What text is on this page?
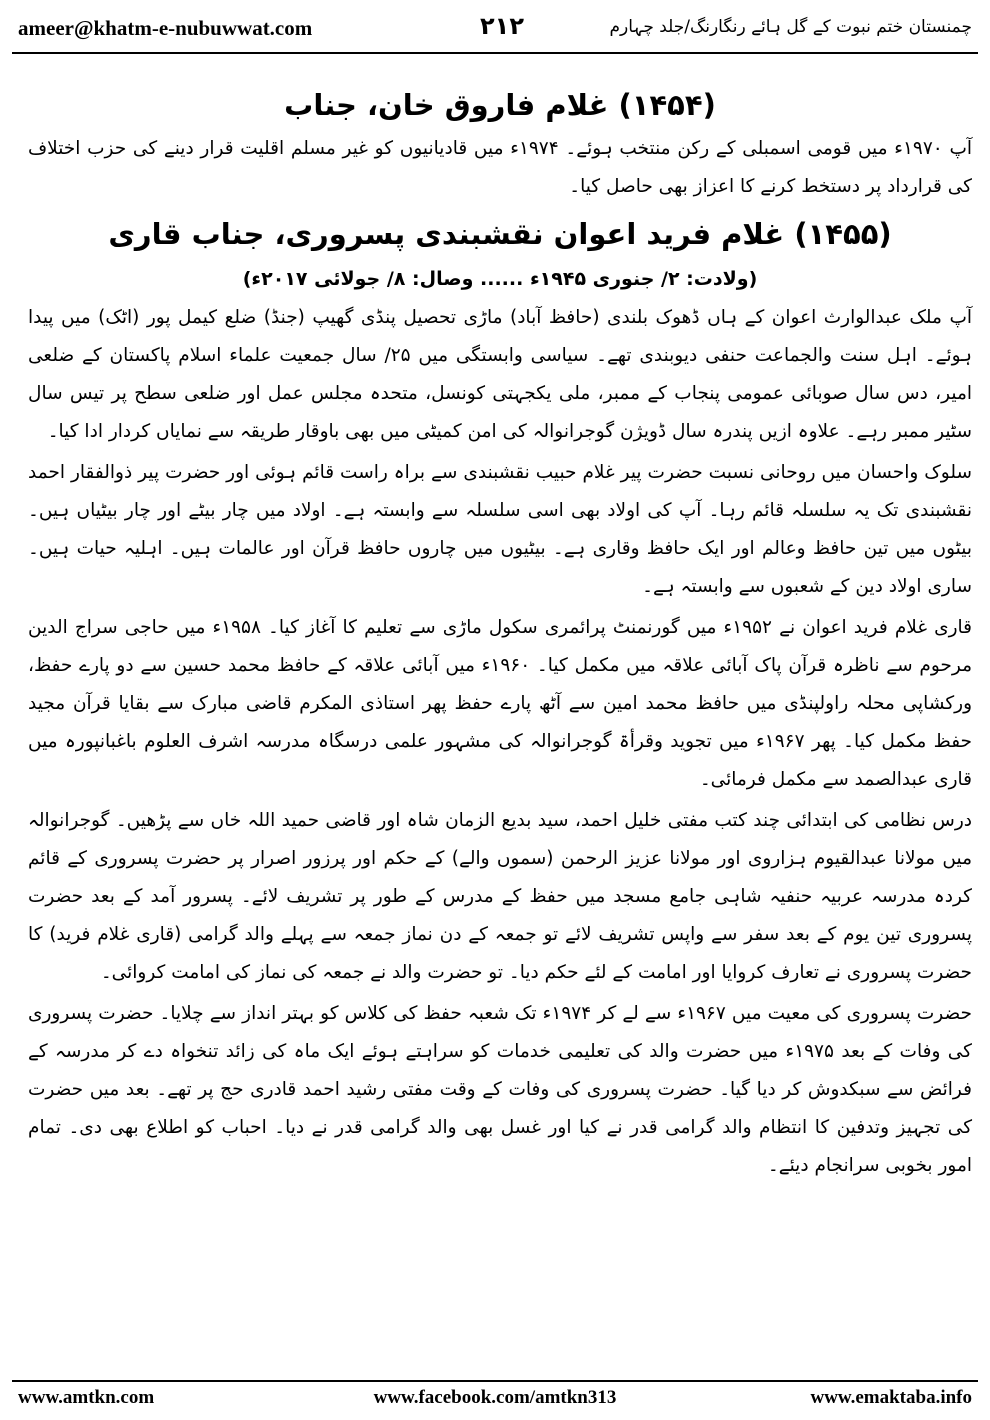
ameer@khatm-e-nubuwwat.com	۲۱۲	چمنستان ختم نبوت کے گل ہائے رنگارنگ/جلد چہارم
(۱۴۵۴) غلام فاروق خان، جناب

آپ ۱۹۷۰ء میں قومی اسمبلی کے رکن منتخب ہوئے۔ ۱۹۷۴ء میں قادیانیوں کو غیر مسلم اقلیت قرار دینے کی حزب اختلاف کی قرارداد پر دستخط کرنے کا اعزاز بھی حاصل کیا۔

(۱۴۵۵) غلام فرید اعوان نقشبندی پسروری، جناب قاری

(ولادت: ۲/ جنوری ۱۹۴۵ء ...... وصال: ۸/ جولائی ۲۰۱۷ء)

آپ ملک عبدالوارث اعوان کے ہاں ڈھوک بلندی (حافظ آباد) ماڑی تحصیل پنڈی گھیپ (جنڈ) ضلع کیمل پور (اٹک) میں پیدا ہوئے۔ اہل سنت والجماعت حنفی دیوبندی تھے۔ سیاسی وابستگی میں ۲۵/ سال جمعیت علماء اسلام پاکستان کے ضلعی امیر، دس سال صوبائی عمومی پنجاب کے ممبر، ملی یکجہتی کونسل، متحدہ مجلس عمل اور ضلعی سطح پر تیس سال سٹیر ممبر رہے۔ علاوہ ازیں پندرہ سال ڈویژن گوجرانوالہ کی امن کمیٹی میں بھی باوقار طریقہ سے نمایاں کردار ادا کیا۔

سلوک واحسان میں روحانی نسبت حضرت پیر غلام حبیب نقشبندی سے براہ راست قائم ہوئی اور حضرت پیر ذوالفقار احمد نقشبندی تک یہ سلسلہ قائم رہا۔ آپ کی اولاد بھی اسی سلسلہ سے وابستہ ہے۔ اولاد میں چار بیٹے اور چار بیٹیاں ہیں۔ بیٹوں میں تین حافظ وعالم اور ایک حافظ وقاری ہے۔ بیٹیوں میں چاروں حافظ قرآن اور عالمات ہیں۔ اہلیہ حیات ہیں۔ ساری اولاد دین کے شعبوں سے وابستہ ہے۔

قاری غلام فرید اعوان نے ۱۹۵۲ء میں گورنمنٹ پرائمری سکول ماڑی سے تعلیم کا آغاز کیا۔ ۱۹۵۸ء میں حاجی سراج الدین مرحوم سے ناظرہ قرآن پاک آبائی علاقہ میں مکمل کیا۔ ۱۹۶۰ء میں آبائی علاقہ کے حافظ محمد حسین سے دو پارے حفظ، ورکشاپی محلہ راولپنڈی میں حافظ محمد امین سے آٹھ پارے حفظ پھر استاذی المکرم قاضی مبارک سے بقایا قرآن مجید حفظ مکمل کیا۔ پھر ۱۹۶۷ء میں تجوید وقرأۃ گوجرانوالہ کی مشہور علمی درسگاہ مدرسہ اشرف العلوم باغبانپورہ میں قاری عبدالصمد سے مکمل فرمائی۔

درس نظامی کی ابتدائی چند کتب مفتی خلیل احمد، سید بدیع الزمان شاہ اور قاضی حمید اللہ خاں سے پڑھیں۔ گوجرانوالہ میں مولانا عبدالقیوم ہزاروی اور مولانا عزیز الرحمن (سموں والے) کے حکم اور پرزور اصرار پر حضرت پسروری کے قائم کردہ مدرسہ عربیہ حنفیہ شاہی جامع مسجد میں حفظ کے مدرس کے طور پر تشریف لائے۔ پسرور آمد کے بعد حضرت پسروری تین یوم کے بعد سفر سے واپس تشریف لائے تو جمعہ کے دن نماز جمعہ سے پہلے والد گرامی (قاری غلام فرید) کا حضرت پسروری نے تعارف کروایا اور امامت کے لئے حکم دیا۔ تو حضرت والد نے جمعہ کی نماز کی امامت کروائی۔

حضرت پسروری کی معیت میں ۱۹۶۷ء سے لے کر ۱۹۷۴ء تک شعبہ حفظ کی کلاس کو بہتر انداز سے چلایا۔ حضرت پسروری کی وفات کے بعد ۱۹۷۵ء میں حضرت والد کی تعلیمی خدمات کو سراہتے ہوئے ایک ماہ کی زائد تنخواہ دے کر مدرسہ کے فرائض سے سبکدوش کر دیا گیا۔ حضرت پسروری کی وفات کے وقت مفتی رشید احمد قادری حج پر تھے۔ بعد میں حضرت کی تجہیز وتدفین کا انتظام والد گرامی قدر نے کیا اور غسل بھی والد گرامی قدر نے دیا۔ احباب کو اطلاع بھی دی۔ تمام امور بخوبی سرانجام دیئے۔

www.amtkn.com	www.facebook.com/amtkn313	www.emaktaba.info
